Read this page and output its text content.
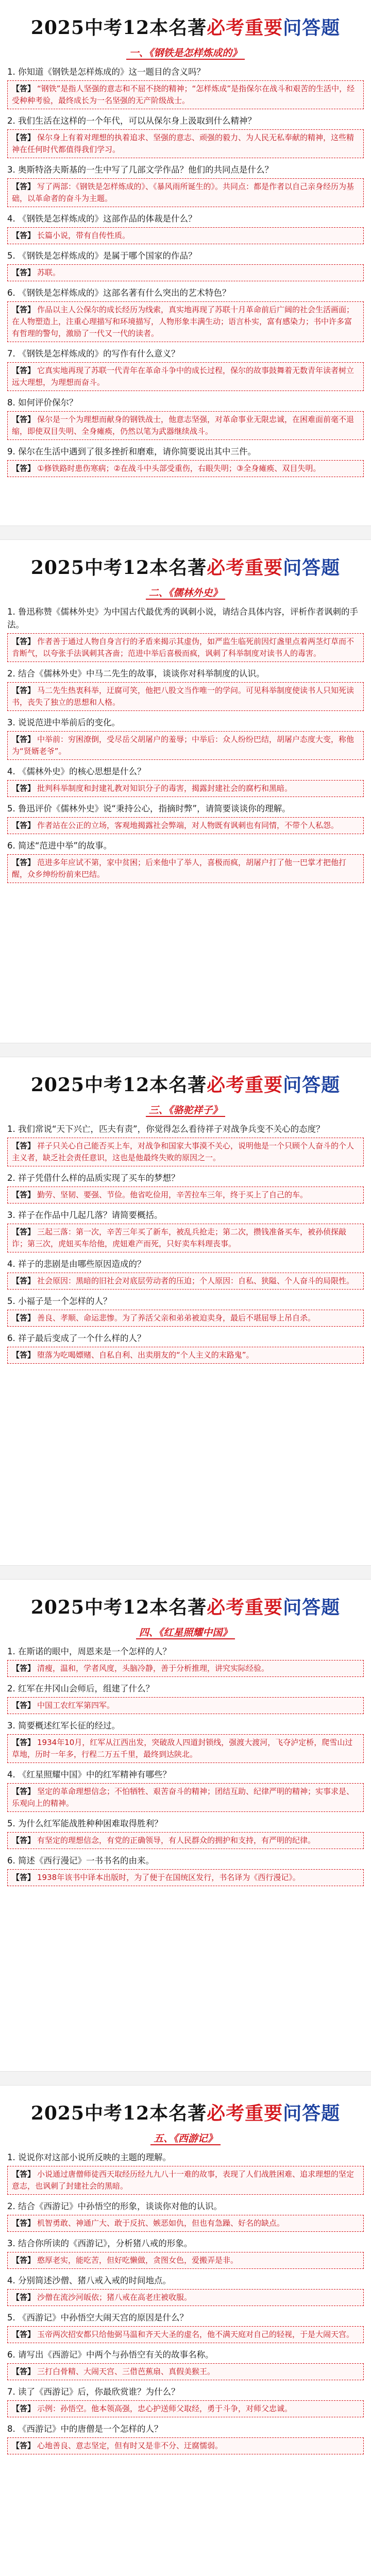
2025中考12本名著必考重要问答题
一、《钢铁是怎样炼成的》
1. 你知道《钢铁是怎样炼成的》这一题目的含义吗？
【答】 “钢铁”是指人坚强的意志和不屈不挠的精神；“怎样炼成”是指保尔在战斗和艰苦的生活中，经受种种考验，最终成长为一名坚强的无产阶级战士。
2. 我们生活在这样的一个年代，可以从保尔身上汲取到什么精神？
【答】 保尔身上有着对理想的执着追求、坚强的意志、顽强的毅力、为人民无私奉献的精神，这些精神在任何时代都值得我们学习。
3. 奥斯特洛夫斯基的一生中写了几部文学作品？他们的共同点是什么？
【答】 写了两部：《钢铁是怎样炼成的》、《暴风雨所诞生的》。共同点：都是作者以自己亲身经历为基础，以革命者的奋斗为主题。
4. 《钢铁是怎样炼成的》这部作品的体裁是什么？
【答】 长篇小说，带有自传性质。
5. 《钢铁是怎样炼成的》是属于哪个国家的作品？
【答】 苏联。
6. 《钢铁是怎样炼成的》这部名著有什么突出的艺术特色？
【答】 作品以主人公保尔的成长经历为线索，真实地再现了苏联十月革命前后广阔的社会生活画面；在人物塑造上，注重心理描写和环境描写，人物形象丰满生动；语言朴实，富有感染力；书中许多富有哲理的警句，激励了一代又一代的读者。
7. 《钢铁是怎样炼成的》的写作有什么意义？
【答】 它真实地再现了苏联一代青年在革命斗争中的成长过程，保尔的故事鼓舞着无数青年读者树立远大理想，为理想而奋斗。
8. 如何评价保尔？
【答】 保尔是一个为理想而献身的钢铁战士，他意志坚强，对革命事业无限忠诚，在困难面前毫不退缩，即使双目失明、全身瘫痪，仍然以笔为武器继续战斗。
9. 保尔在生活中遇到了很多挫折和磨难，请你简要说出其中三件。
【答】 ①修铁路时患伤寒病；②在战斗中头部受重伤，右眼失明；③全身瘫痪、双目失明。
2025中考12本名著必考重要问答题
二、《儒林外史》
1. 鲁迅称赞《儒林外史》为中国古代最优秀的讽刺小说，请结合具体内容，评析作者讽刺的手法。
【答】 作者善于通过人物自身言行的矛盾来揭示其虚伪，如严监生临死前因灯盏里点着两茎灯草而不肯断气，以夸张手法讽刺其吝啬；范进中举后喜极而疯，讽刺了科举制度对读书人的毒害。
2. 结合《儒林外史》中马二先生的故事，谈谈你对科举制度的认识。
【答】 马二先生热衷科举，迂腐可笑，他把八股文当作唯一的学问。可见科举制度使读书人只知死读书，丧失了独立的思想和人格。
3. 说说范进中举前后的变化。
【答】 中举前：穷困潦倒，受尽岳父胡屠户的羞辱；中举后：众人纷纷巴结，胡屠户态度大变，称他为“贤婿老爷”。
4. 《儒林外史》的核心思想是什么？
【答】 批判科举制度和封建礼教对知识分子的毒害，揭露封建社会的腐朽和黑暗。
5. 鲁迅评价《儒林外史》说“秉持公心，指摘时弊”，请简要谈谈你的理解。
【答】 作者站在公正的立场，客观地揭露社会弊端，对人物既有讽刺也有同情，不带个人私怨。
6. 简述“范进中举”的故事。
【答】 范进多年应试不第，家中贫困；后来他中了举人，喜极而疯，胡屠户打了他一巴掌才把他打醒，众乡绅纷纷前来巴结。
2025中考12本名著必考重要问答题
三、《骆驼祥子》
1. 我们常说“天下兴亡，匹夫有责”，你觉得怎么看待祥子对战争兵变不关心的态度？
【答】 祥子只关心自己能否买上车，对战争和国家大事漠不关心，说明他是一个只顾个人奋斗的个人主义者，缺乏社会责任意识，这也是他最终失败的原因之一。
2. 祥子凭借什么样的品质实现了买车的梦想？
【答】 勤劳、坚韧、要强、节俭。他省吃俭用，辛苦拉车三年，终于买上了自己的车。
3. 祥子在作品中几起几落？请简要概括。
【答】 三起三落：第一次，辛苦三年买了新车，被乱兵抢走；第二次，攒钱准备买车，被孙侦探敲诈；第三次，虎妞买车给他，虎妞难产而死，只好卖车料理丧事。
4. 祥子的悲剧是由哪些原因造成的？
【答】 社会原因：黑暗的旧社会对底层劳动者的压迫；个人原因：自私、狭隘、个人奋斗的局限性。
5. 小福子是一个怎样的人？
【答】 善良、孝顺、命运悲惨。为了养活父亲和弟弟被迫卖身，最后不堪屈辱上吊自杀。
6. 祥子最后变成了一个什么样的人？
【答】 堕落为吃喝嫖赌、自私自利、出卖朋友的“个人主义的末路鬼”。
2025中考12本名著必考重要问答题
四、《红星照耀中国》
1. 在斯诺的眼中，周恩来是一个怎样的人？
【答】 清瘦，温和，学者风度，头脑冷静，善于分析推理，讲究实际经验。
2. 红军在井冈山会师后，组建了什么？
【答】 中国工农红军第四军。
3. 简要概述红军长征的经过。
【答】 1934年10月，红军从江西出发，突破敌人四道封锁线，强渡大渡河，飞夺泸定桥，爬雪山过草地，历时一年多，行程二万五千里，最终到达陕北。
4. 《红星照耀中国》中的红军精神有哪些？
【答】 坚定的革命理想信念；不怕牺牲、艰苦奋斗的精神；团结互助、纪律严明的精神；实事求是、乐观向上的精神。
5. 为什么红军能战胜种种困难取得胜利？
【答】 有坚定的理想信念，有党的正确领导，有人民群众的拥护和支持，有严明的纪律。
6. 简述《西行漫记》一书书名的由来。
【答】 1938年该书中译本出版时，为了便于在国统区发行，书名译为《西行漫记》。
2025中考12本名著必考重要问答题
五、《西游记》
1. 说说你对这部小说所反映的主题的理解。
【答】 小说通过唐僧师徒西天取经历经九九八十一难的故事，表现了人们战胜困难、追求理想的坚定意志，也讽刺了封建社会的黑暗。
2. 结合《西游记》中孙悟空的形象，谈谈你对他的认识。
【答】 机智勇敢、神通广大、敢于反抗、嫉恶如仇，但也有急躁、好名的缺点。
3. 结合你所读的《西游记》，分析猪八戒的形象。
【答】 憨厚老实，能吃苦，但好吃懒做，贪图女色，爱搬弄是非。
4. 分别简述沙僧、猪八戒入戒的时间地点。
【答】 沙僧在流沙河皈依；猪八戒在高老庄被收服。
5. 《西游记》中孙悟空大闹天宫的原因是什么？
【答】 玉帝两次招安都只给他弼马温和齐天大圣的虚名，他不满天庭对自己的轻视，于是大闹天宫。
6. 请写出《西游记》中两个与孙悟空有关的故事名称。
【答】 三打白骨精、大闹天宫、三借芭蕉扇、真假美猴王。
7. 读了《西游记》后，你最欣赏谁？为什么？
【答】 示例：孙悟空。他本领高强，忠心护送师父取经，勇于斗争，对师父忠诚。
8. 《西游记》中的唐僧是一个怎样的人？
【答】 心地善良、意志坚定，但有时又是非不分、迂腐懦弱。
